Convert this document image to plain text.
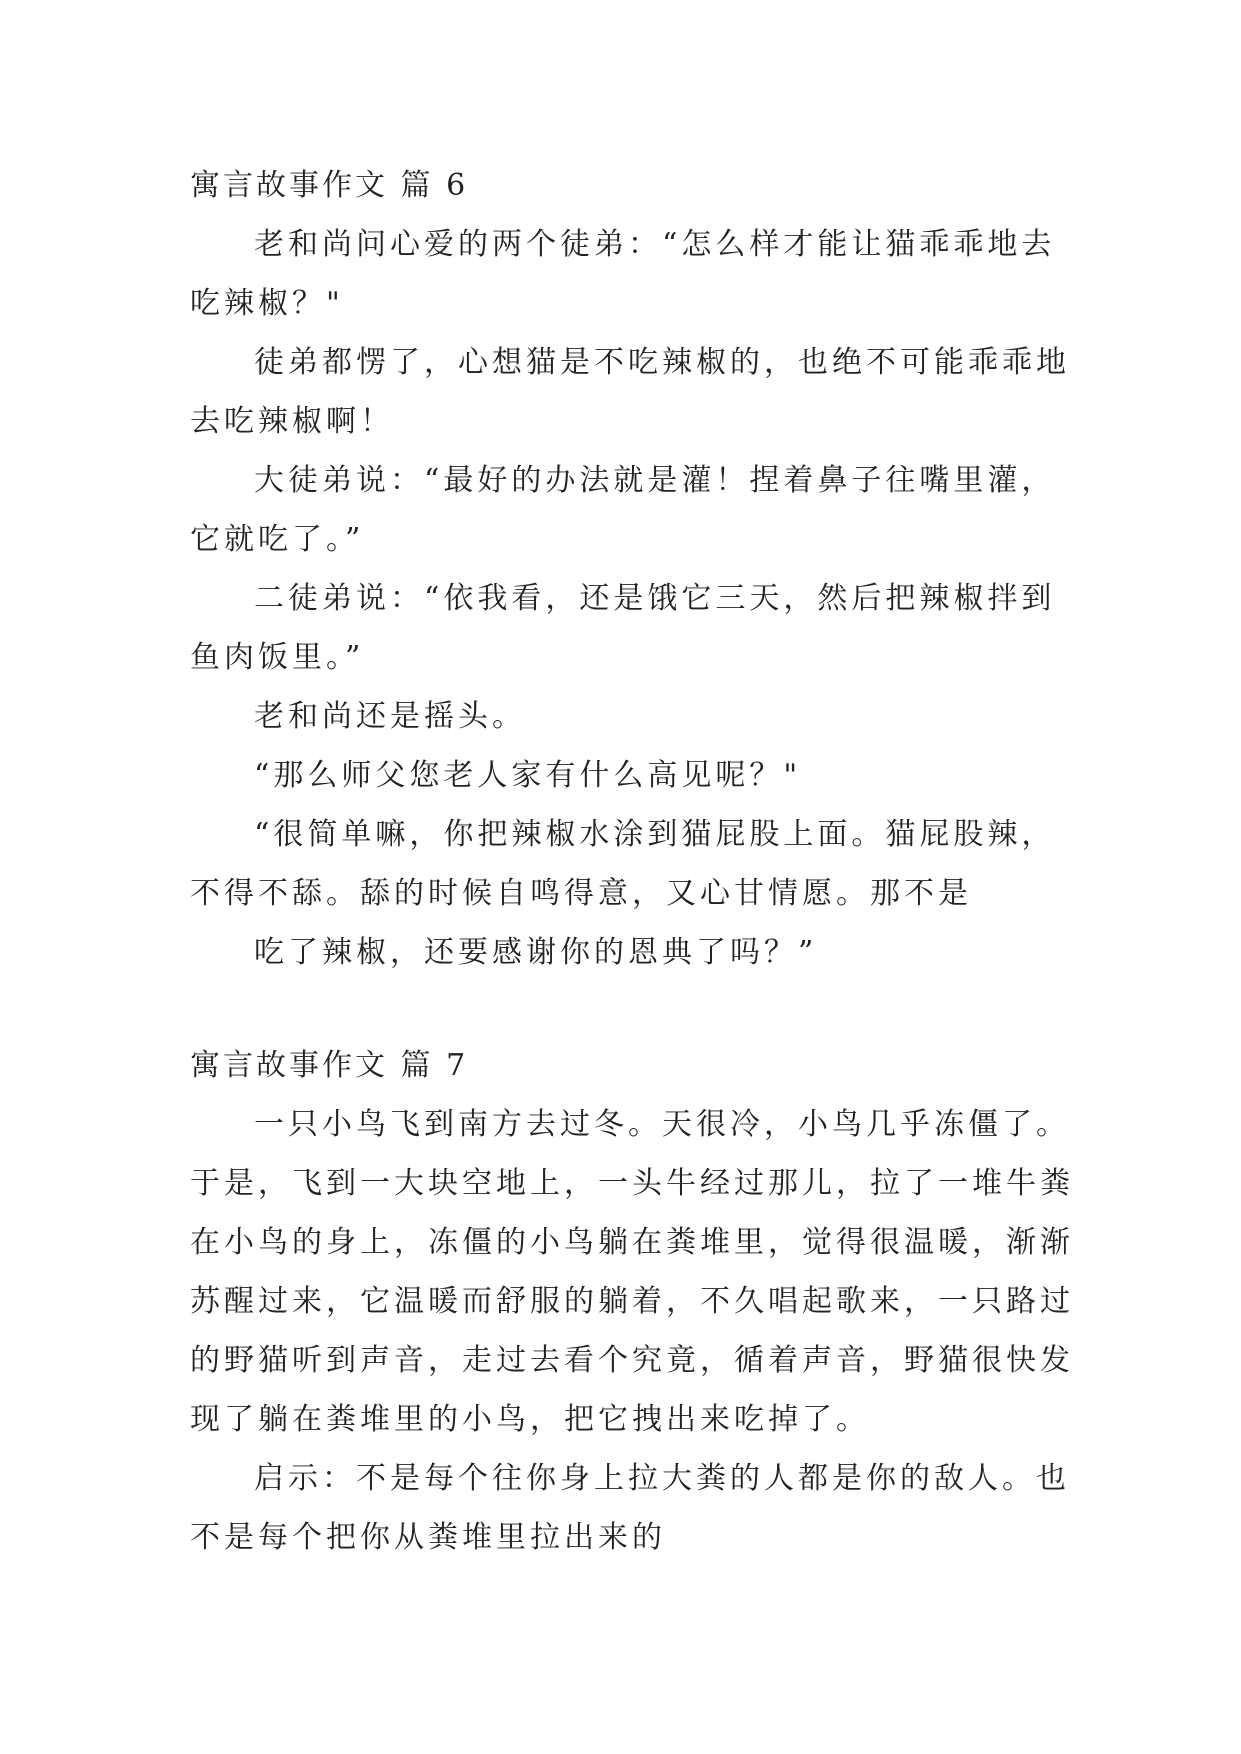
寓言故事作文 篇 6
老和尚问心爱的两个徒弟：“怎么样才能让猫乖乖地去
吃辣椒？"
徒弟都愣了，心想猫是不吃辣椒的，也绝不可能乖乖地
去吃辣椒啊！
大徒弟说：“最好的办法就是灌！捏着鼻子往嘴里灌，
它就吃了。”
二徒弟说：“依我看，还是饿它三天，然后把辣椒拌到
鱼肉饭里。”
老和尚还是摇头。
“那么师父您老人家有什么高见呢？"
“很简单嘛，你把辣椒水涂到猫屁股上面。猫屁股辣，
不得不舔。舔的时候自鸣得意，又心甘情愿。那不是
吃了辣椒，还要感谢你的恩典了吗？”
寓言故事作文 篇 7
一只小鸟飞到南方去过冬。天很冷，小鸟几乎冻僵了。
于是，飞到一大块空地上，一头牛经过那儿，拉了一堆牛粪
在小鸟的身上，冻僵的小鸟躺在粪堆里，觉得很温暖，渐渐
苏醒过来，它温暖而舒服的躺着，不久唱起歌来，一只路过
的野猫听到声音，走过去看个究竟，循着声音，野猫很快发
现了躺在粪堆里的小鸟，把它拽出来吃掉了。
启示：不是每个往你身上拉大粪的人都是你的敌人。也
不是每个把你从粪堆里拉出来的
